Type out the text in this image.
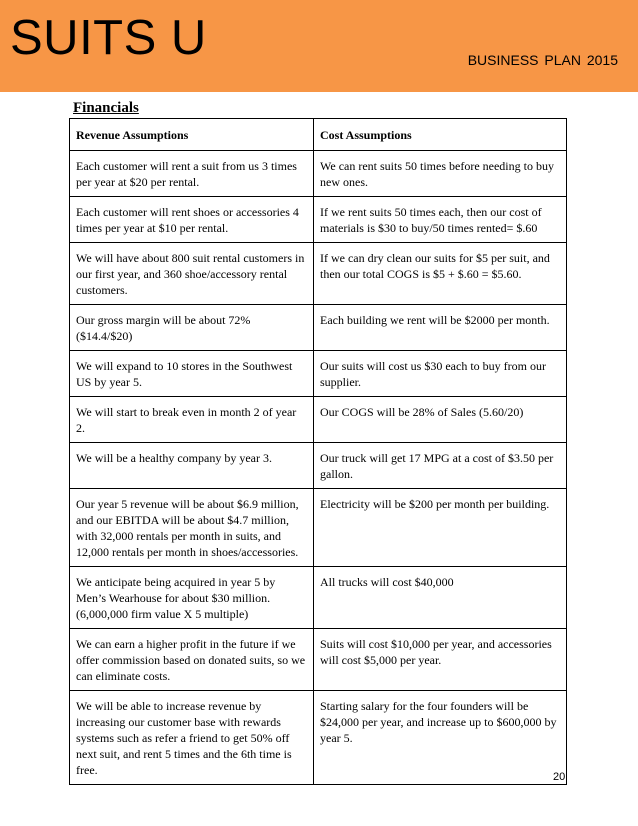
SUITS U	BUSINESS PLAN 2015
Financials
Revenue Assumptions	Cost Assumptions
Each customer will rent a suit from us 3 times per year at $20 per rental.	We can rent suits 50 times before needing to buy new ones.
Each customer will rent shoes or accessories 4 times per year at $10 per rental.	If we rent suits 50 times each, then our cost of materials is $30 to buy/50 times rented= $.60
We will have about 800 suit rental customers in our first year, and 360 shoe/accessory rental customers.	If we can dry clean our suits for $5 per suit, and then our total COGS is $5 + $.60 = $5.60.
Our gross margin will be about 72% ($14.4/$20)	Each building we rent will be $2000 per month.
We will expand to 10 stores in the Southwest US by year 5.	Our suits will cost us $30 each to buy from our supplier.
We will start to break even in month 2 of year 2.	Our COGS will be 28% of Sales (5.60/20)
We will be a healthy company by year 3.	Our truck will get 17 MPG at a cost of $3.50 per gallon.
Our year 5 revenue will be about $6.9 million, and our EBITDA will be about $4.7 million, with 32,000 rentals per month in suits, and 12,000 rentals per month in shoes/accessories.	Electricity will be $200 per month per building.
We anticipate being acquired in year 5 by Men’s Wearhouse for about $30 million. (6,000,000 firm value X 5 multiple)	All trucks will cost $40,000
We can earn a higher profit in the future if we offer commission based on donated suits, so we can eliminate costs.	Suits will cost $10,000 per year, and accessories will cost $5,000 per year.
We will be able to increase revenue by increasing our customer base with rewards systems such as refer a friend to get 50% off next suit, and rent 5 times and the 6th time is free.	Starting salary for the four founders will be $24,000 per year, and increase up to $600,000 by year 5.
20
